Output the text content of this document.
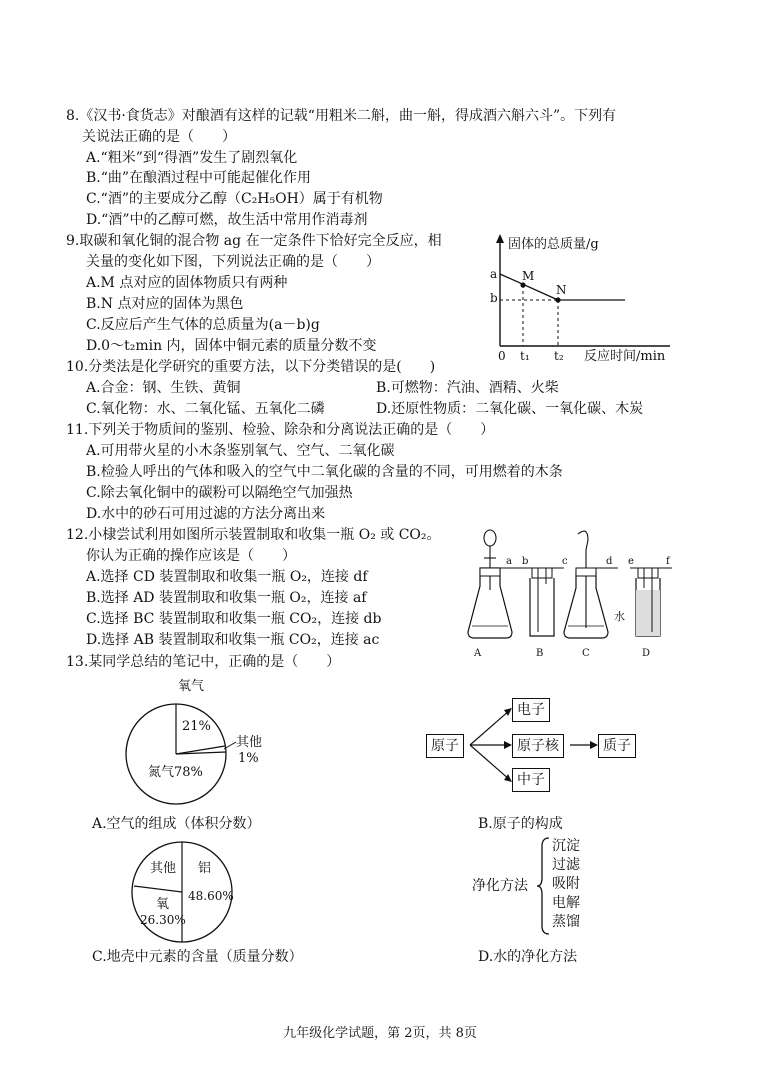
8.《汉书·食货志》对酿酒有这样的记载“用粗米二斛，曲一斛，得成酒六斛六斗”。下列有
关说法正确的是（　　）
A.“粗米”到“得酒”发生了剧烈氧化
B.“曲”在酿酒过程中可能起催化作用
C.“酒”的主要成分乙醇（C₂H₅OH）属于有机物
D.“酒”中的乙醇可燃，故生活中常用作消毒剂
9.取碳和氧化铜的混合物 ag 在一定条件下恰好完全反应，相
关量的变化如下图，下列说法正确的是（　　）
A.M 点对应的固体物质只有两种
B.N 点对应的固体为黑色
C.反应后产生气体的总质量为(a－b)g
D.0～t₂min 内，固体中铜元素的质量分数不变
固体的总质量/g
a
b
M
N
0 t₁ t₂ 反应时间/min
10.分类法是化学研究的重要方法，以下分类错误的是(　　)
A.合金：钢、生铁、黄铜	B.可燃物：汽油、酒精、火柴
C.氧化物：水、二氧化锰、五氧化二磷	D.还原性物质：二氧化碳、一氧化碳、木炭
11.下列关于物质间的鉴别、检验、除杂和分离说法正确的是（　　）
A.可用带火星的小木条鉴别氧气、空气、二氧化碳
B.检验人呼出的气体和吸入的空气中二氧化碳的含量的不同，可用燃着的木条
C.除去氧化铜中的碳粉可以隔绝空气加强热
D.水中的砂石可用过滤的方法分离出来
12.小棣尝试利用如图所示装置制取和收集一瓶 O₂ 或 CO₂。
你认为正确的操作应该是（　　）
A.选择 CD 装置制取和收集一瓶 O₂，连接 df
B.选择 AD 装置制取和收集一瓶 O₂，连接 af
C.选择 BC 装置制取和收集一瓶 CO₂，连接 db
D.选择 AB 装置制取和收集一瓶 CO₂，连接 ac
A
a
B
b
C
c	d
D
e	f
水
13.某同学总结的笔记中，正确的是（　　）
氧气
21%
其他
1%
氮气78%
A.空气的组成（体积分数）
原子
电子
原子核
中子
质子
B.原子的构成
其他 铝
48.60%
氧
26.30%
C.地壳中元素的含量（质量分数）
净化方法
沉淀
过滤
吸附
电解
蒸馏
D.水的净化方法
九年级化学试题，第 2页，共 8页
